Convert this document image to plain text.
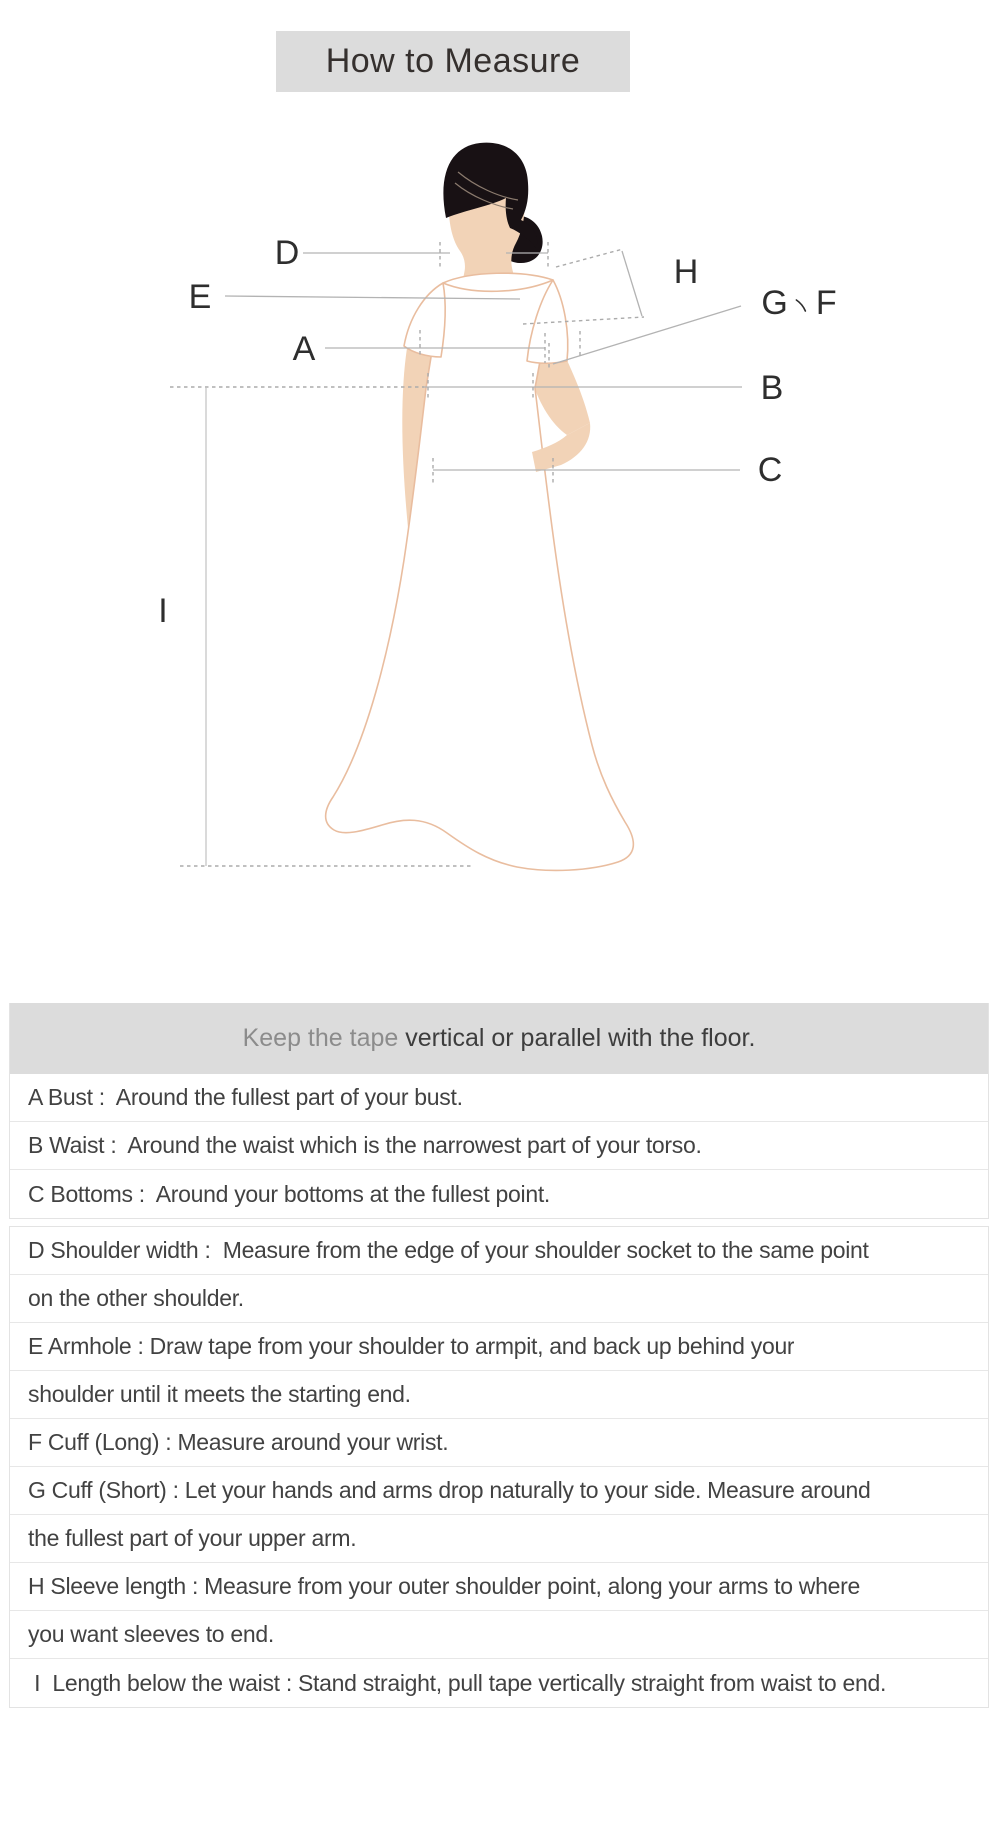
How to Measure
D
E
A
H
G F
B
C
I
Keep the tape vertical or parallel with the floor.
A Bust :  Around the fullest part of your bust.
B Waist :  Around the waist which is the narrowest part of your torso.
C Bottoms :  Around your bottoms at the fullest point.
D Shoulder width :  Measure from the edge of your shoulder socket to the same point
on the other shoulder.
E Armhole : Draw tape from your shoulder to armpit, and back up behind your
shoulder until it meets the starting end.
F Cuff (Long) : Measure around your wrist.
G Cuff (Short) : Let your hands and arms drop naturally to your side. Measure around
the fullest part of your upper arm.
H Sleeve length : Measure from your outer shoulder point, along your arms to where
you want sleeves to end.
I  Length below the waist : Stand straight, pull tape vertically straight from waist to end.
